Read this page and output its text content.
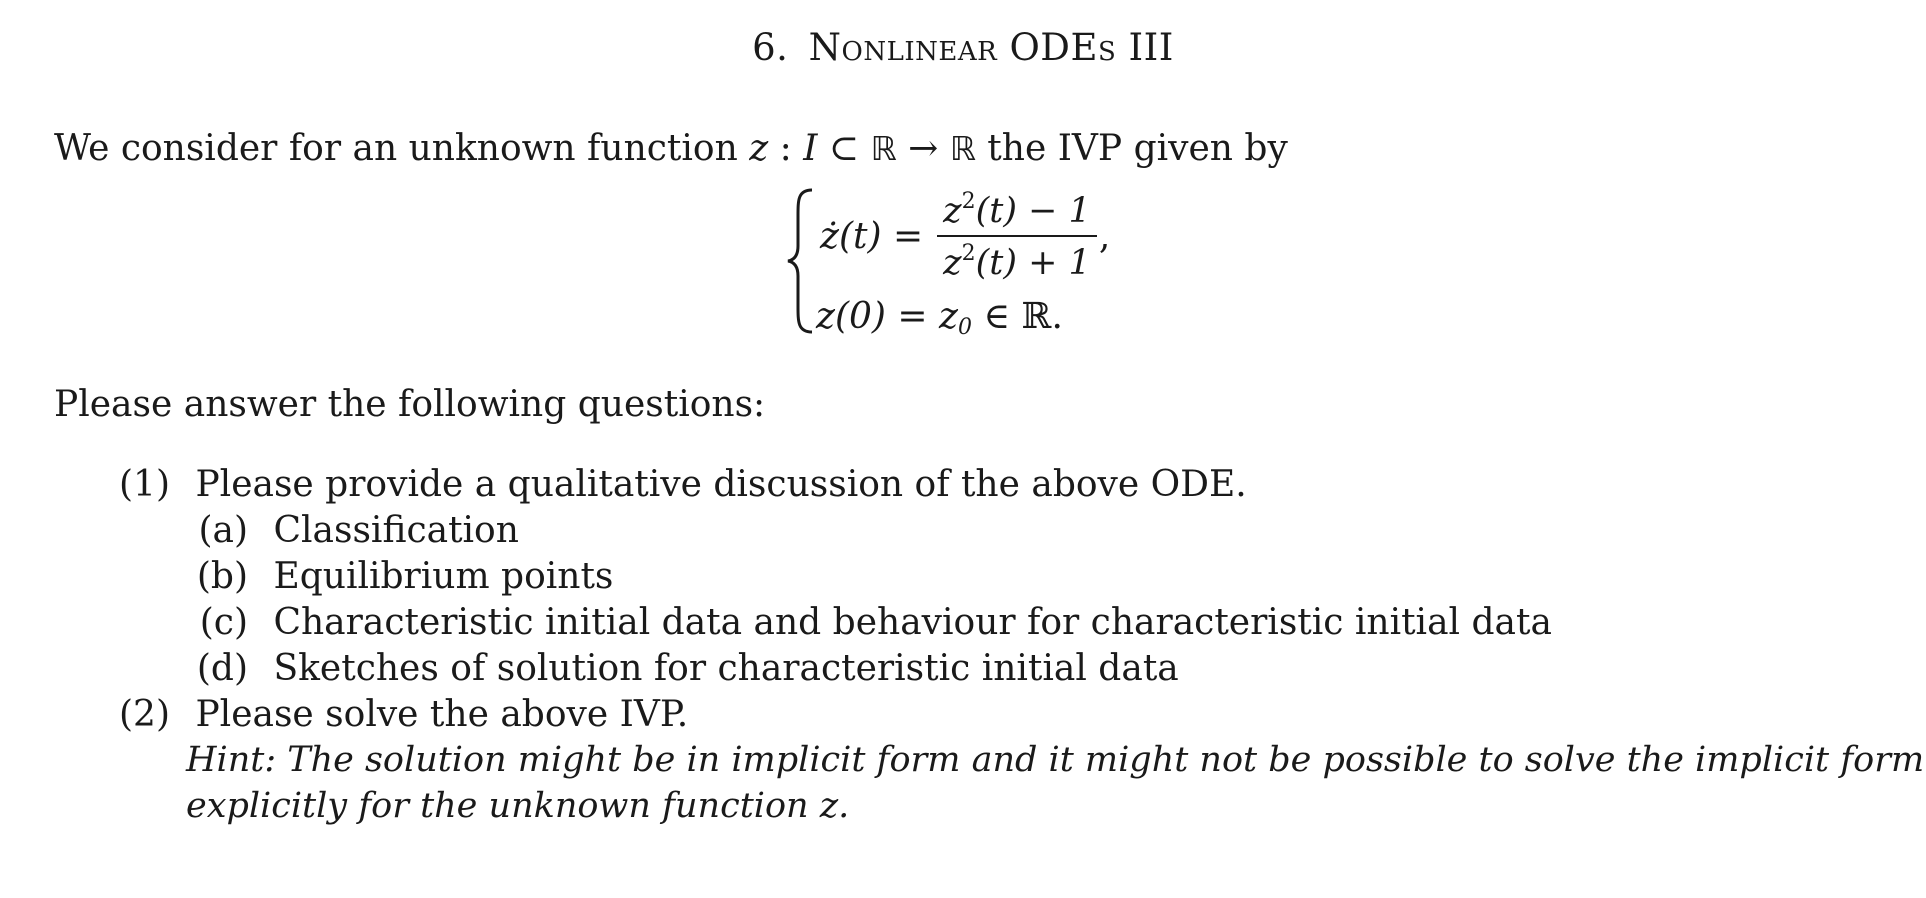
6. Nonlinear ODEs III
We consider for an unknown function z : I ⊂ ℝ → ℝ the IVP given by
ż(t) = $\frac{z^2(t) - 1}{z^2(t) + 1}$ ,
$z(0) = z_0$ ∈ ℝ.
Please answer the following questions:
(1) Please provide a qualitative discussion of the above ODE.
(a) Classification
(b) Equilibrium points
(c) Characteristic initial data and behaviour for characteristic initial data
(d) Sketches of solution for characteristic initial data
(2) Please solve the above IVP.
Hint: The solution might be in implicit form and it might not be possible to solve the implicit form
explicitly for the unknown function z.
